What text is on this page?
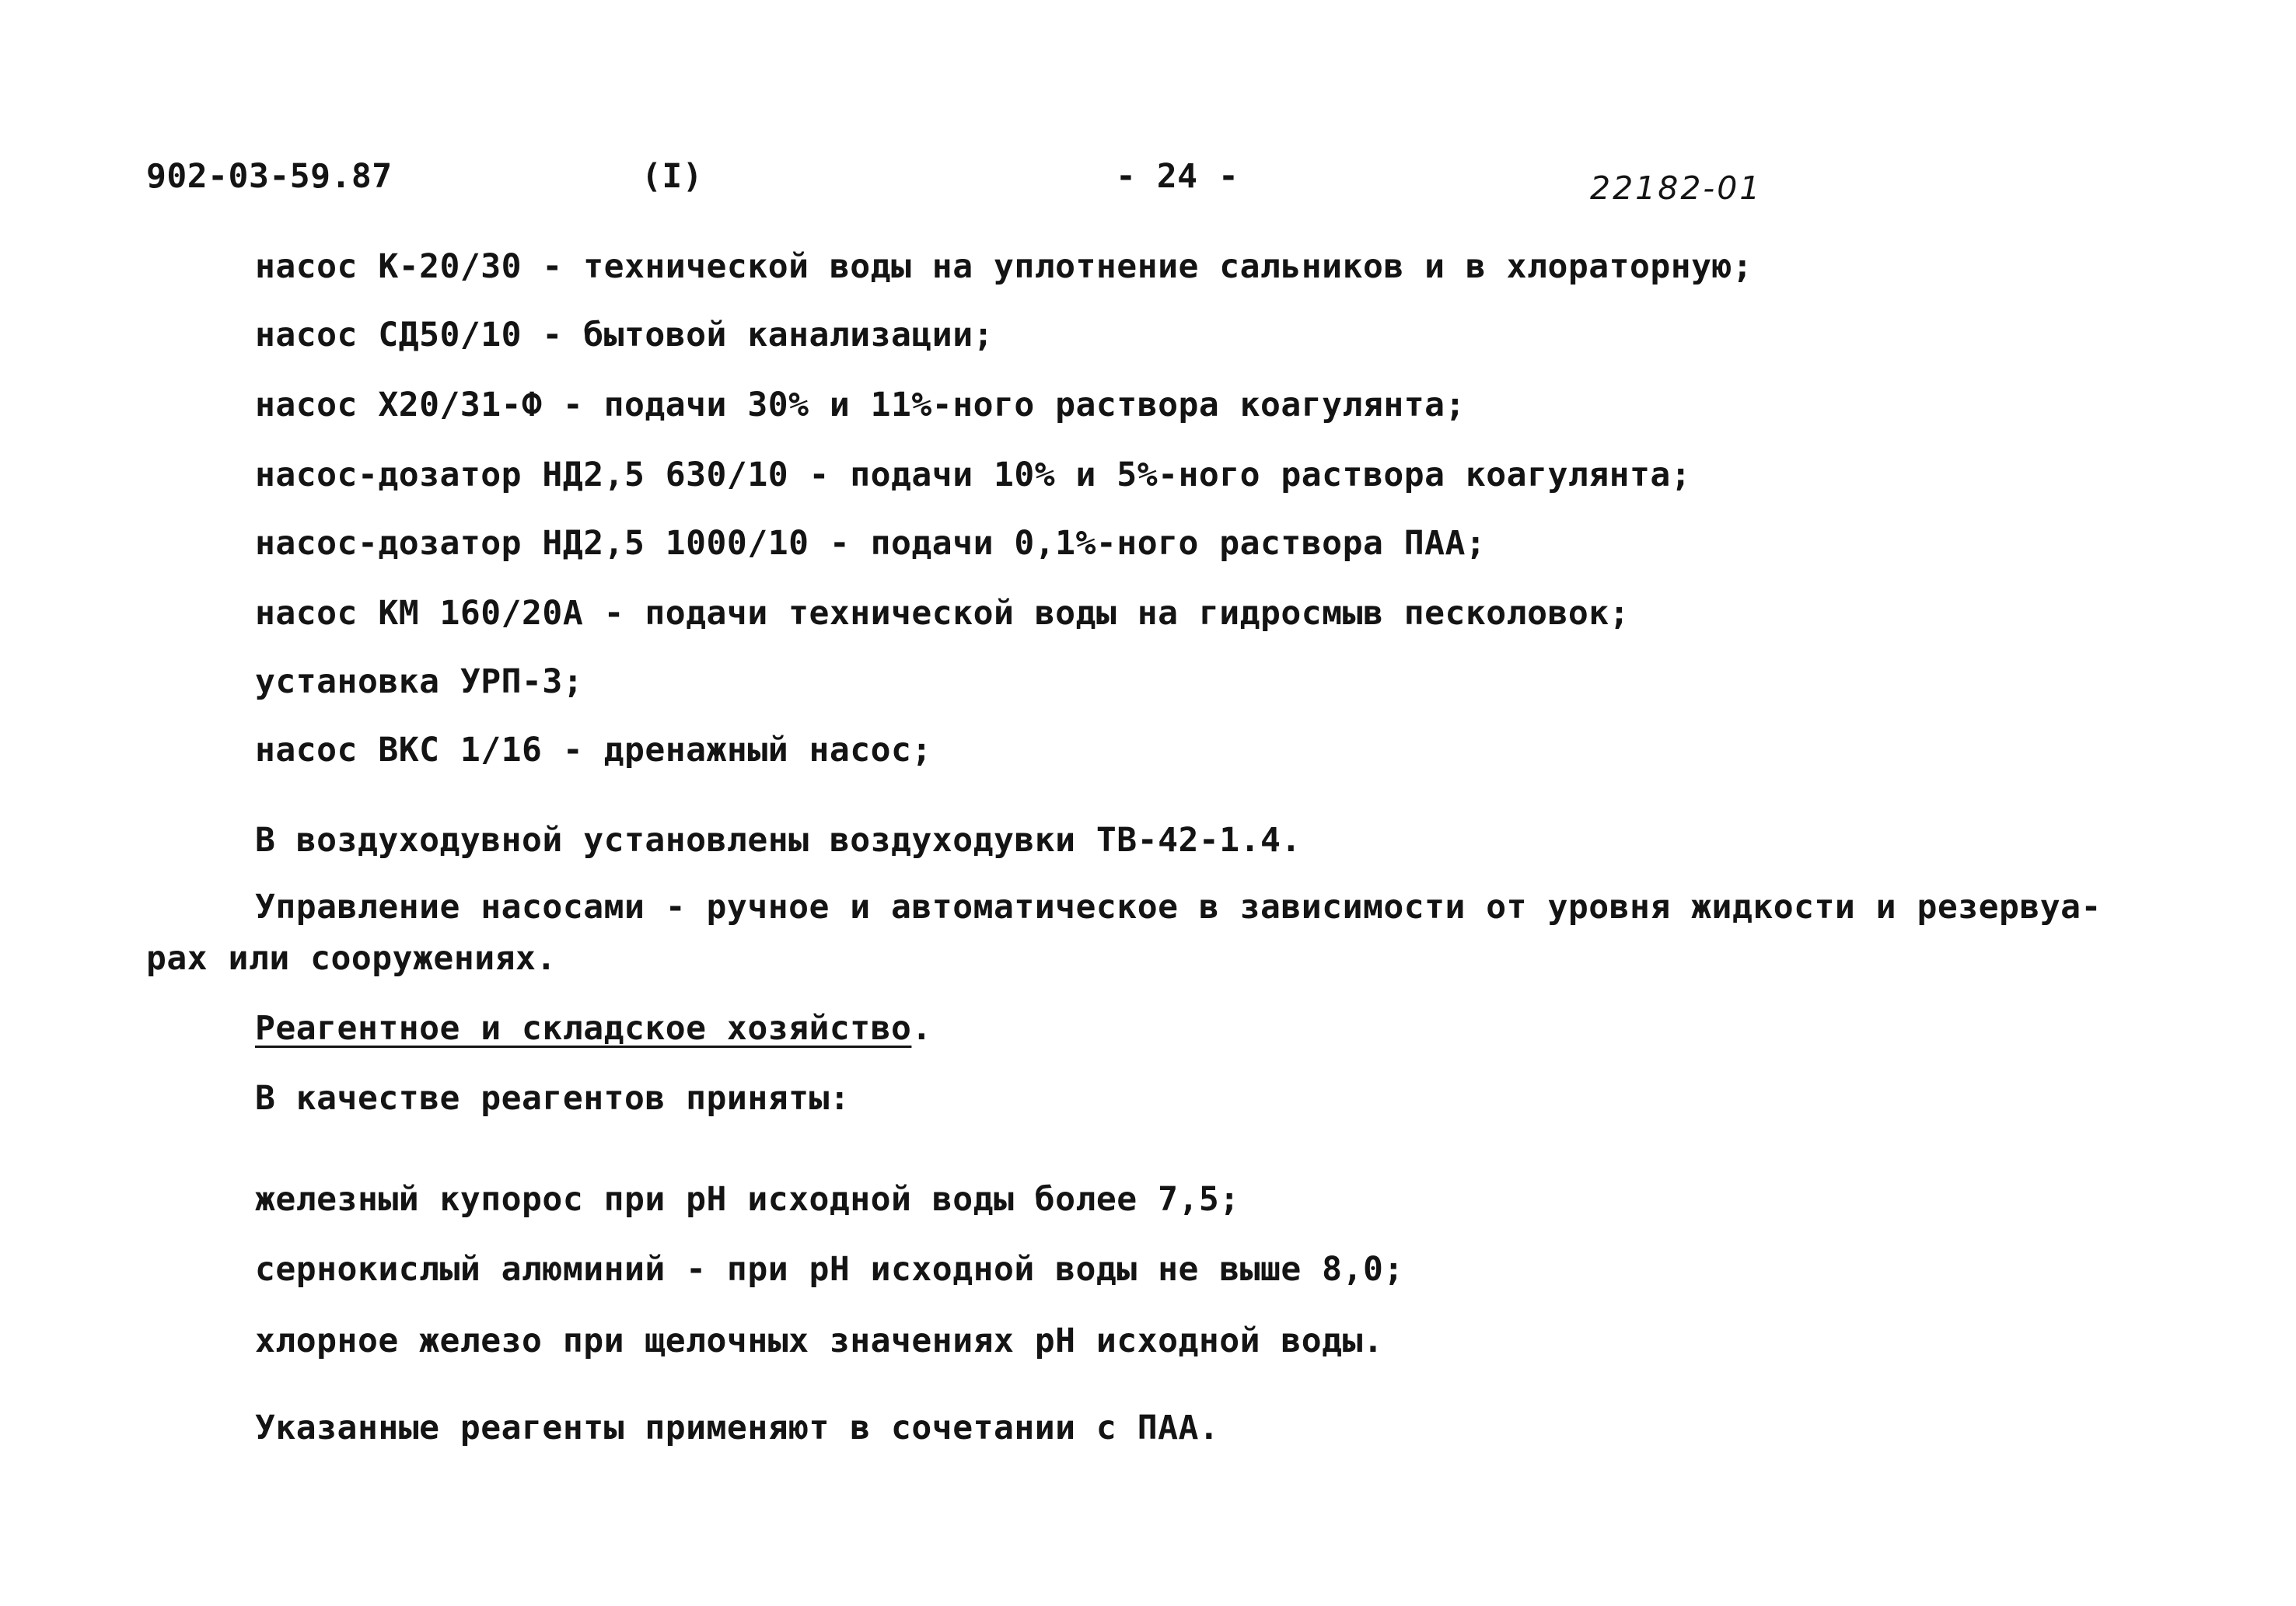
902-03-59.87	(I)	- 24 -	22182-01
насос К-20/30 - технической воды на уплотнение сальников и в хлораторную;
насос СД50/10 - бытовой канализации;
насос Х20/31-Ф - подачи 30% и 11%-ного раствора коагулянта;
насос-дозатор НД2,5 630/10 - подачи 10% и 5%-ного раствора коагулянта;
насос-дозатор НД2,5 1000/10 - подачи 0,1%-ного раствора ПАА;
насос КМ 160/20А - подачи технической воды на гидросмыв песколовок;
установка УРП-3;
насос ВКС 1/16 - дренажный насос;
В воздуходувной установлены воздуходувки ТВ-42-1.4.
Управление насосами - ручное и автоматическое в зависимости от уровня жидкости и резервуа-
рах или сооружениях.
Реагентное и складское хозяйство.
В качестве реагентов приняты:
железный купорос при рН исходной воды более 7,5;
сернокислый алюминий - при рН исходной воды не выше 8,0;
хлорное железо при щелочных значениях рН исходной воды.
Указанные реагенты применяют в сочетании с ПАА.
